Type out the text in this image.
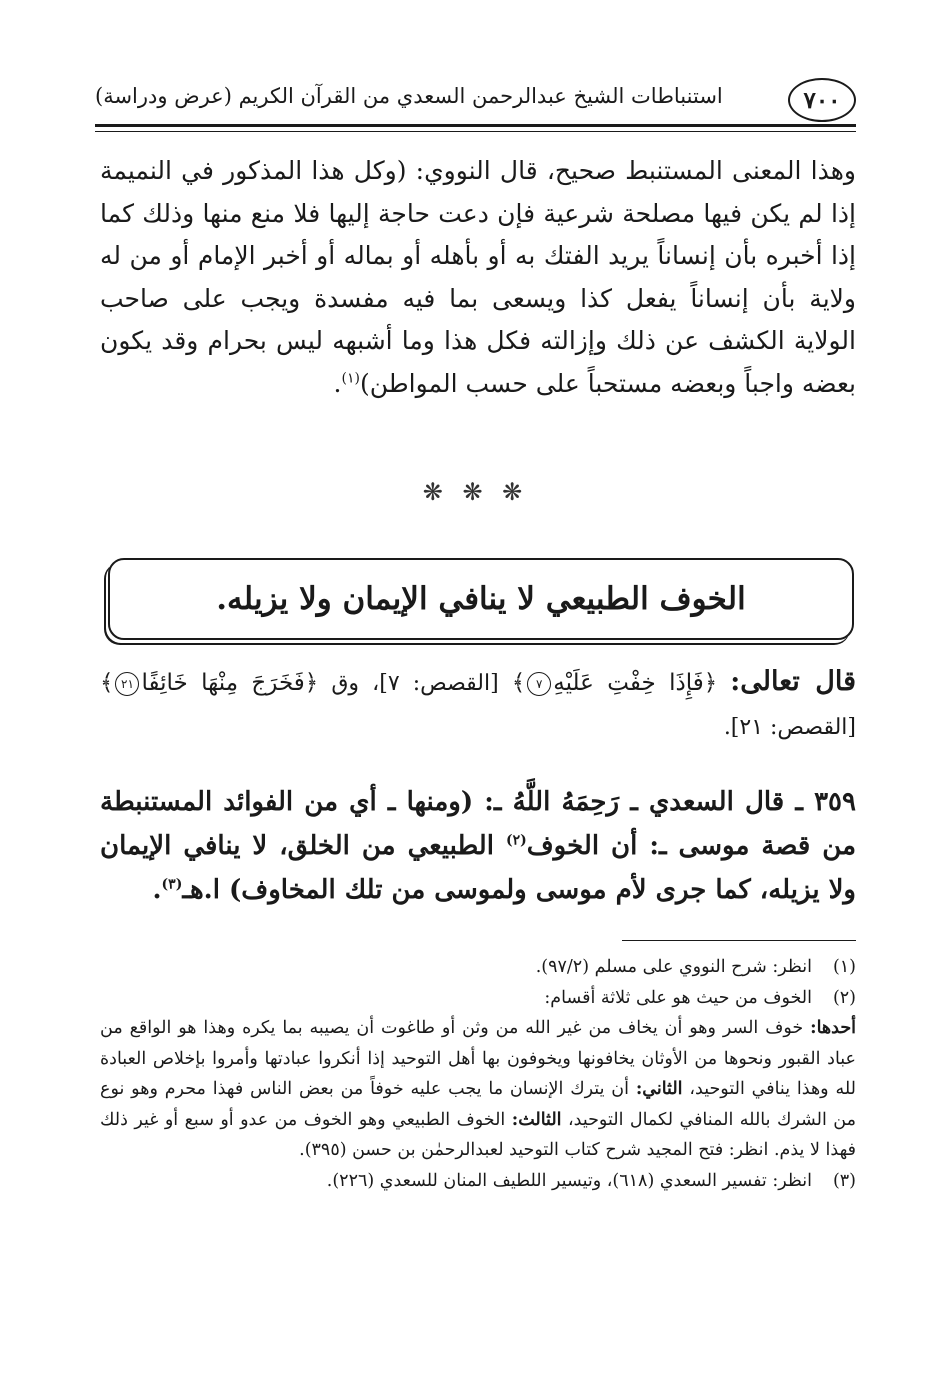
٧٠٠
استنباطات الشيخ عبدالرحمن السعدي من القرآن الكريم (عرض ودراسة)
وهذا المعنى المستنبط صحيح، قال النووي: (وكل هذا المذكور في النميمة إذا لم يكن فيها مصلحة شرعية فإن دعت حاجة إليها فلا منع منها وذلك كما إذا أخبره بأن إنساناً يريد الفتك به أو بأهله أو بماله أو أخبر الإمام أو من له ولاية بأن إنساناً يفعل كذا ويسعى بما فيه مفسدة ويجب على صاحب الولاية الكشف عن ذلك وإزالته فكل هذا وما أشبهه ليس بحرام وقد يكون بعضه واجباً وبعضه مستحباً على حسب المواطن)$^{(١)}$.
❋ ❋ ❋
الخوف الطبيعي لا ينافي الإيمان ولا يزيله.
قال تعالى: ﴿فَإِذَا خِفْتِ عَلَيْهِ٧﴾ [القصص: ٧]، وق ﴿فَخَرَجَ مِنْهَا خَائِفًا٢١﴾ [القصص: ٢١].
٣٥٩ ـ قال السعدي ـ رَحِمَهُ اللَّهُ ـ: (ومنها ـ أي من الفوائد المستنبطة من قصة موسى ـ: أن الخوف$^{(٢)}$ الطبيعي من الخلق، لا ينافي الإيمان ولا يزيله، كما جرى لأم موسى ولموسى من تلك المخاوف) ا.هـ$^{(٣)}$.
(١)
انظر: شرح النووي على مسلم (٩٧/٢).
(٢)
الخوف من حيث هو على ثلاثة أقسام:
أحدها: خوف السر وهو أن يخاف من غير الله من وثن أو طاغوت أن يصيبه بما يكره وهذا هو الواقع من عباد القبور ونحوها من الأوثان يخافونها ويخوفون بها أهل التوحيد إذا أنكروا عبادتها وأمروا بإخلاص العبادة لله وهذا ينافي التوحيد، الثاني: أن يترك الإنسان ما يجب عليه خوفاً من بعض الناس فهذا محرم وهو نوع من الشرك بالله المنافي لكمال التوحيد، الثالث: الخوف الطبيعي وهو الخوف من عدو أو سبع أو غير ذلك فهذا لا يذم. انظر: فتح المجيد شرح كتاب التوحيد لعبدالرحمٰن بن حسن (٣٩٥).
(٣)
انظر: تفسير السعدي (٦١٨)، وتيسير اللطيف المنان للسعدي (٢٢٦).
